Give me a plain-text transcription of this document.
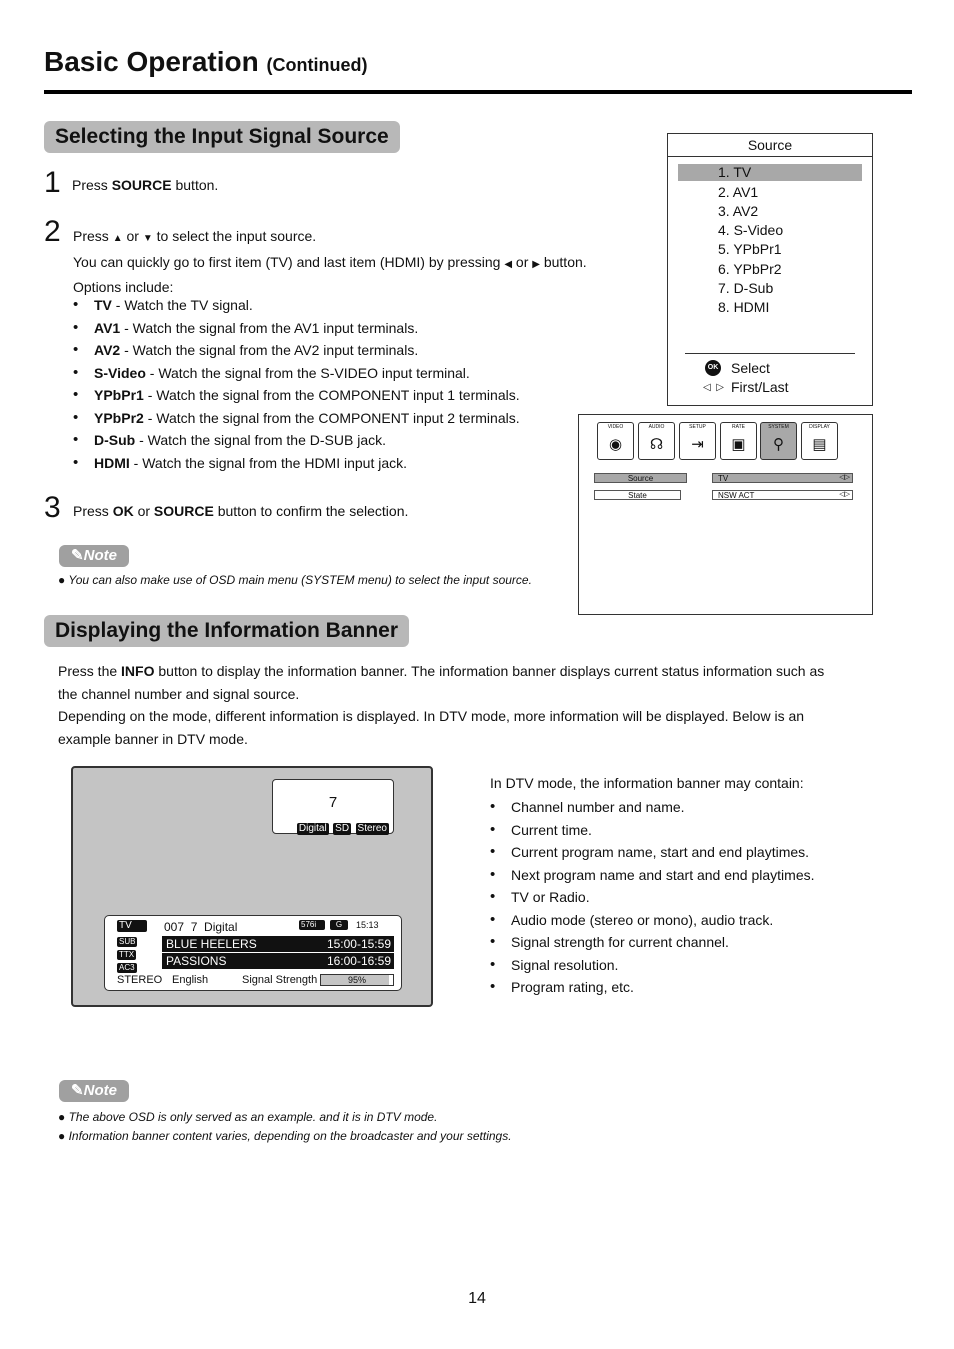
Basic Operation (Continued)
Selecting the Input Signal Source
1 Press SOURCE button.
2 Press ▲ or ▼ to select the input source.
You can quickly go to first item (TV) and last item (HDMI) by pressing ◀ or ▶ button.
Options include:
• TV - Watch the TV signal.
• AV1 - Watch the signal from the AV1 input terminals.
• AV2 - Watch the signal from the AV2 input terminals.
• S-Video - Watch the signal from the S-VIDEO input terminal.
• YPbPr1 - Watch the signal from the COMPONENT input 1 terminals.
• YPbPr2 - Watch the signal from the COMPONENT input 2 terminals.
• D-Sub - Watch the signal from the D-SUB jack.
• HDMI - Watch the signal from the HDMI input jack.
3 Press OK or SOURCE button to confirm the selection.
✎Note
● You can also make use of OSD main menu (SYSTEM menu) to select the input source.
Source
1. TV
2. AV1
3. AV2
4. S-Video
5. YPbPr1
6. YPbPr2
7. D-Sub
8. HDMI
OK Select
◁  ▷ First/Last
VIDEO
◉
AUDIO
☊
SETUP
⇥
RATE
▣
SYSTEM
⚲
DISPLAY
▤
Source	TV	◁▷
State	NSW ACT	◁▷
Displaying the Information Banner
Press the INFO button to display the information banner. The information banner displays current status information such as
the channel number and signal source.
Depending on the mode, different information is displayed. In DTV mode, more information will be displayed. Below is an
example banner in DTV mode.
7
Digital SD Stereo
TV
SUB
TTX
AC3
007  7  Digital	576i	G	15:13
BLUE HEELERS	15:00-15:59
PASSIONS	16:00-16:59
STEREO English	Signal Strength	95%
In DTV mode, the information banner may contain:
• Channel number and name.
• Current time.
• Current program name, start and end playtimes.
• Next program name and start and end playtimes.
• TV or Radio.
• Audio mode (stereo or mono), audio track.
• Signal strength for current channel.
• Signal resolution.
• Program rating, etc.
✎Note
● The above OSD is only served as an example. and it is in DTV mode.
● Information banner content varies, depending on the broadcaster and your settings.
14
